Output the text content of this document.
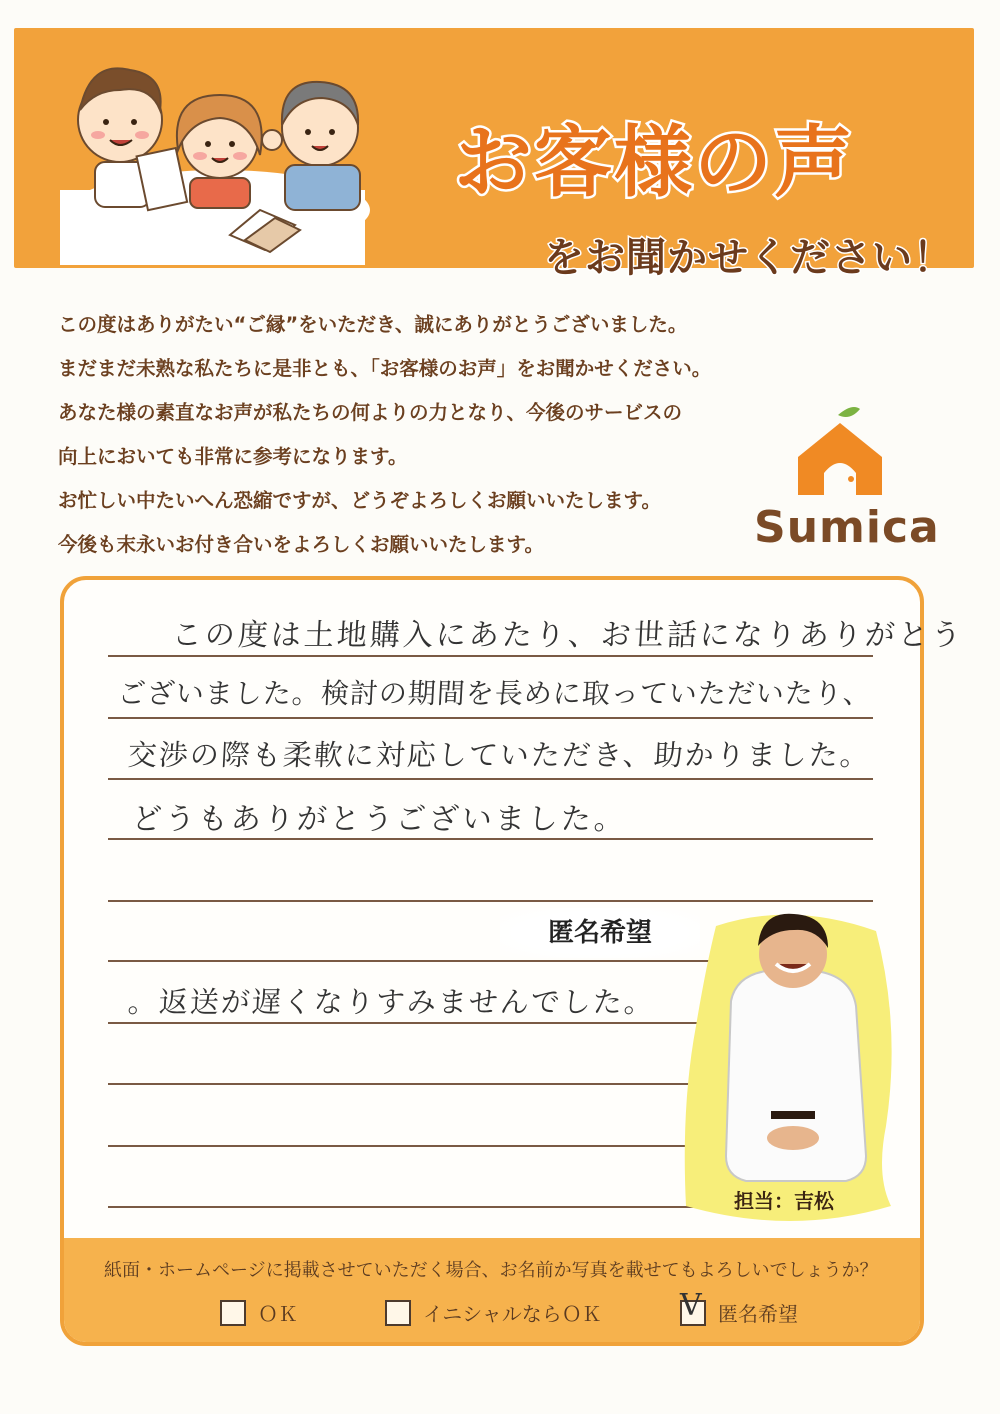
お客様の声
をお聞かせください！
この度はありがたい“ご縁”をいただき、誠にありがとうございました。
まだまだ未熟な私たちに是非とも、「お客様のお声」をお聞かせください。
あなた様の素直なお声が私たちの何よりの力となり、今後のサービスの
向上においても非常に参考になります。
お忙しい中たいへん恐縮ですが、どうぞよろしくお願いいたします。
今後も末永いお付き合いをよろしくお願いいたします。	Sumica
この度は土地購入にあたり、お世話になりありがとう
ございました。検討の期間を長めに取っていただいたり、
交渉の際も柔軟に対応していただき、助かりました。
どうもありがとうございました。
。返送が遅くなりすみませんでした。
匿名希望
担当：吉松
紙面・ホームページに掲載させていただく場合、お名前か写真を載せてもよろしいでしょうか？
ＯＫ	イニシャルならＯＫ	V 匿名希望
